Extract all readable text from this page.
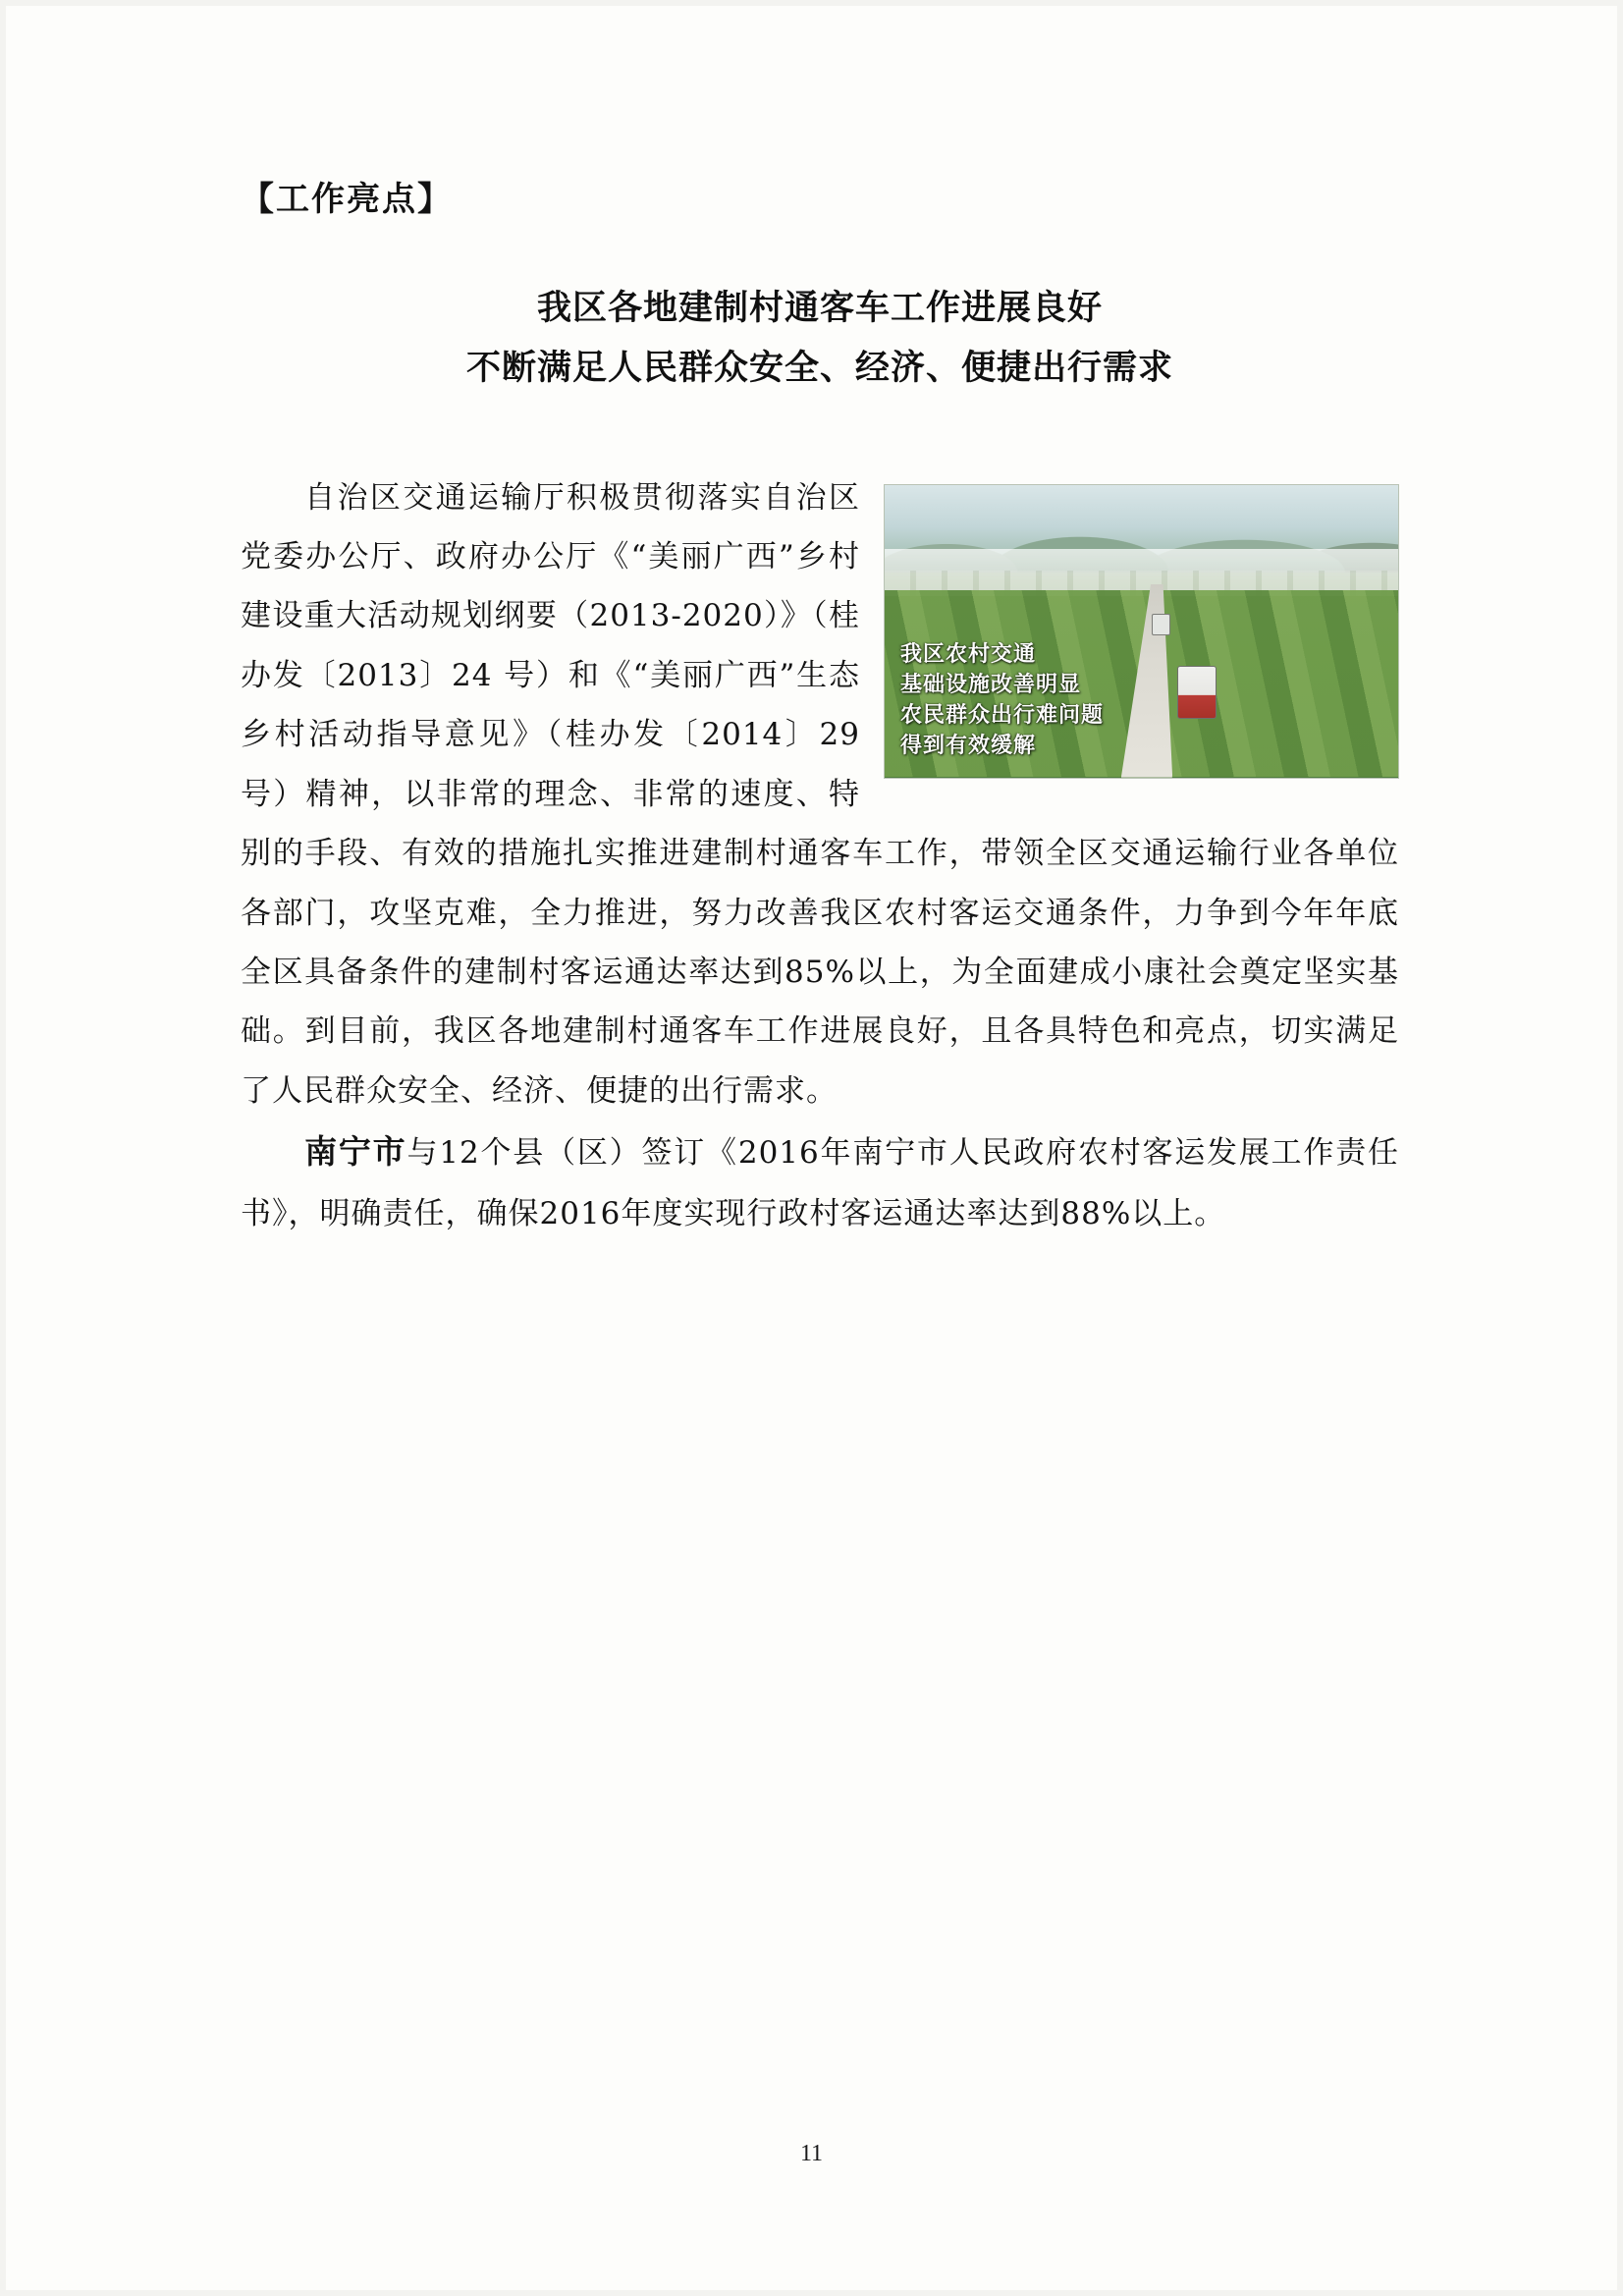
【工作亮点】
我区各地建制村通客车工作进展良好
不断满足人民群众安全、经济、便捷出行需求
我区农村交通
基础设施改善明显
农民群众出行难问题
得到有效缓解

自治区交通运输厅积极贯彻落实自治区党委办公厅、政府办公厅《“美丽广西”乡村建设重大活动规划纲要（2013-2020）》（桂办发〔2013〕24 号）和《“美丽广西”生态乡村活动指导意见》（桂办发〔2014〕29 号）精神，以非常的理念、非常的速度、特别的手段、有效的措施扎实推进建制村通客车工作，带领全区交通运输行业各单位各部门，攻坚克难，全力推进，努力改善我区农村客运交通条件，力争到今年年底全区具备条件的建制村客运通达率达到85%以上，为全面建成小康社会奠定坚实基础。到目前，我区各地建制村通客车工作进展良好，且各具特色和亮点，切实满足了人民群众安全、经济、便捷的出行需求。

南宁市与12个县（区）签订《2016年南宁市人民政府农村客运发展工作责任书》，明确责任，确保2016年度实现行政村客运通达率达到88%以上。

11
